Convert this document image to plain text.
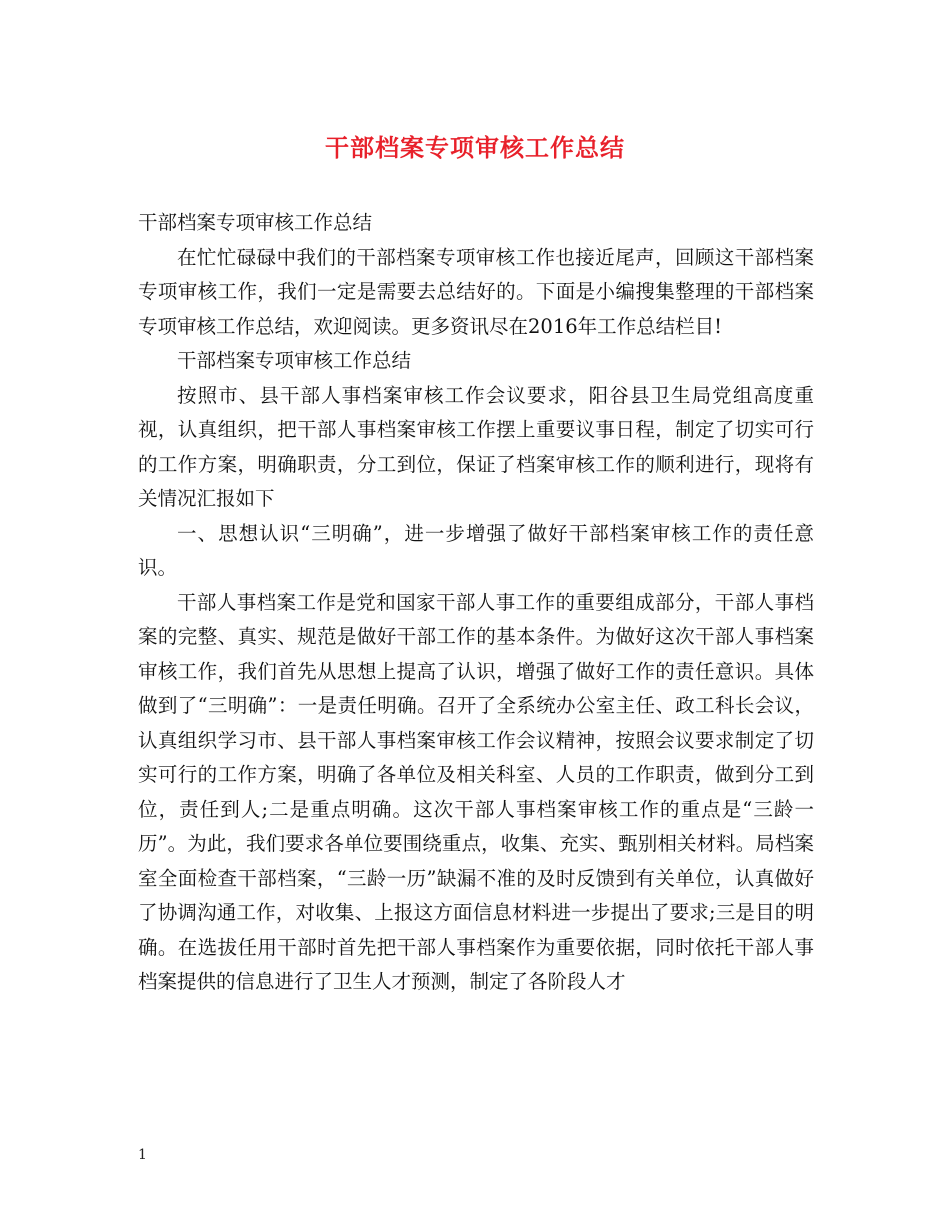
干部档案专项审核工作总结

干部档案专项审核工作总结

在忙忙碌碌中我们的干部档案专项审核工作也接近尾声，回顾这干部档案专项审核工作，我们一定是需要去总结好的。下面是小编搜集整理的干部档案专项审核工作总结，欢迎阅读。更多资讯尽在2016年工作总结栏目!

干部档案专项审核工作总结

按照市、县干部人事档案审核工作会议要求，阳谷县卫生局党组高度重视，认真组织，把干部人事档案审核工作摆上重要议事日程，制定了切实可行的工作方案，明确职责，分工到位，保证了档案审核工作的顺利进行，现将有关情况汇报如下

一、思想认识“三明确”，进一步增强了做好干部档案审核工作的责任意识。

干部人事档案工作是党和国家干部人事工作的重要组成部分，干部人事档案的完整、真实、规范是做好干部工作的基本条件。为做好这次干部人事档案审核工作，我们首先从思想上提高了认识，增强了做好工作的责任意识。具体做到了“三明确”：一是责任明确。召开了全系统办公室主任、政工科长会议，认真组织学习市、县干部人事档案审核工作会议精神，按照会议要求制定了切实可行的工作方案，明确了各单位及相关科室、人员的工作职责，做到分工到位，责任到人;二是重点明确。这次干部人事档案审核工作的重点是“三龄一历”。为此，我们要求各单位要围绕重点，收集、充实、甄别相关材料。局档案室全面检查干部档案，“三龄一历”缺漏不准的及时反馈到有关单位，认真做好了协调沟通工作，对收集、上报这方面信息材料进一步提出了要求;三是目的明确。在选拔任用干部时首先把干部人事档案作为重要依据，同时依托干部人事档案提供的信息进行了卫生人才预测，制定了各阶段人才

1
